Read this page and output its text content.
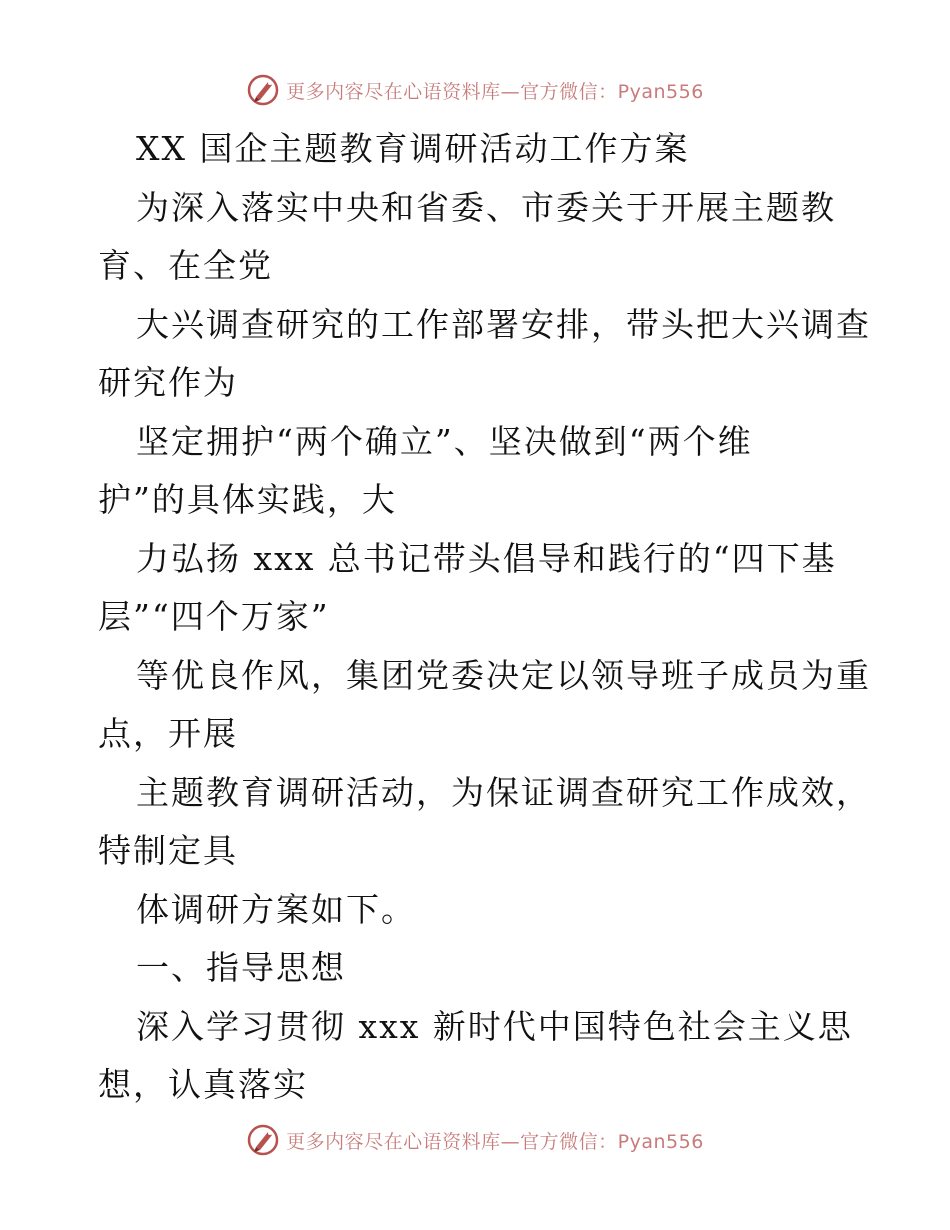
更多内容尽在心语资料库—官方微信：Pyan556
XX 国企主题教育调研活动工作方案
为深入落实中央和省委、市委关于开展主题教
育、在全党
大兴调查研究的工作部署安排，带头把大兴调查
研究作为
坚定拥护“两个确立”、坚决做到“两个维
护”的具体实践，大
力弘扬 xxx 总书记带头倡导和践行的“四下基
层”“四个万家”
等优良作风，集团党委决定以领导班子成员为重
点，开展
主题教育调研活动，为保证调查研究工作成效，
特制定具
体调研方案如下。
一、指导思想
深入学习贯彻 xxx 新时代中国特色社会主义思
想，认真落实
更多内容尽在心语资料库—官方微信：Pyan556
